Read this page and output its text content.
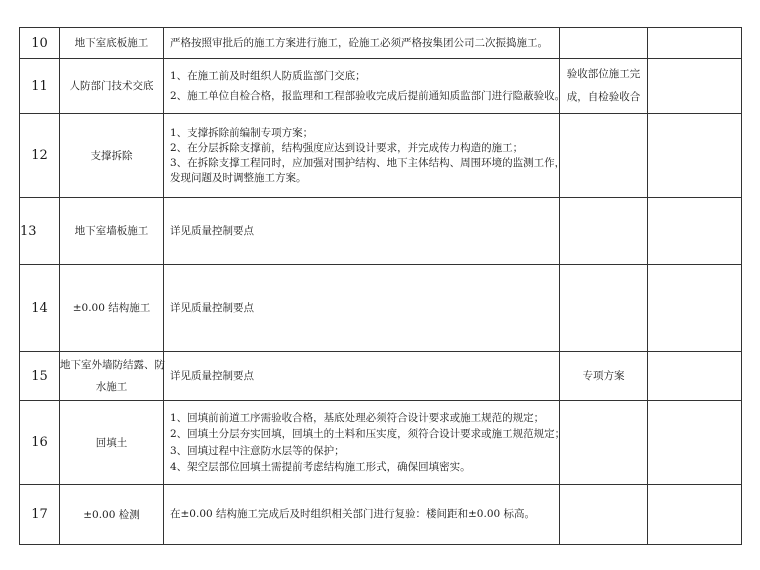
10	地下室底板施工	严格按照审批后的施工方案进行施工，砼施工必须严格按集团公司二次振捣施工。		

11	人防部门技术交底	1、在施工前及时组织人防质监部门交底；
2、施工单位自检合格，报监理和工程部验收完成后提前通知质监部门进行隐蔽验收。	验收部位施工完
成，自检验收合	

12	支撑拆除	1、支撑拆除前编制专项方案；
2、在分层拆除支撑前，结构强度应达到设计要求，并完成传力构造的施工；
3、在拆除支撑工程同时，应加强对围护结构、地下主体结构、周围环境的监测工作，
发现问题及时调整施工方案。		

13	地下室墙板施工	详见质量控制要点		

14	±0.00 结构施工	详见质量控制要点		

15	地下室外墙防结露、防
水施工	详见质量控制要点	专项方案	

16	回填土	1、回填前前道工序需验收合格，基底处理必须符合设计要求或施工规范的规定；
2、回填土分层夯实回填，回填土的土料和压实度，须符合设计要求或施工规范规定；
3、回填过程中注意防水层等的保护；
4、架空层部位回填土需提前考虑结构施工形式，确保回填密实。		

17	±0.00 检测	在±0.00 结构施工完成后及时组织相关部门进行复验：楼间距和±0.00 标高。		
